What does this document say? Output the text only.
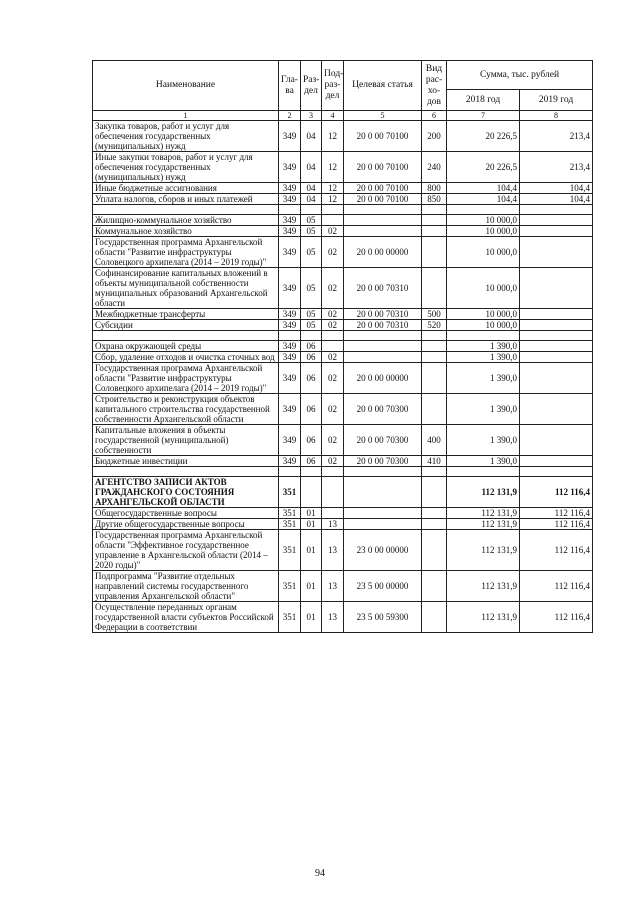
Наименование	Гла-ва	Раз-дел	Под-раз-дел	Целевая статья	Вид рас-хо-дов	Сумма, тыс. рублей	
						2018 год	2019 год
1	2	3	4	5	6	7	8
Закупка товаров, работ и услуг для обеспечения государственных (муниципальных) нужд	349	04	12	20 0 00 70100	200	20 226,5	213,4
Иные закупки товаров, работ и услуг для обеспечения государственных (муниципальных) нужд	349	04	12	20 0 00 70100	240	20 226,5	213,4
Иные бюджетные ассигнования	349	04	12	20 0 00 70100	800	104,4	104,4
Уплата налогов, сборов и иных платежей	349	04	12	20 0 00 70100	850	104,4	104,4

Жилищно-коммунальное хозяйство	349	05				10 000,0	
Коммунальное хозяйство	349	05	02			10 000,0	
Государственная программа Архангельской области "Развитие инфраструктуры Соловецкого архипелага (2014 – 2019 годы)"	349	05	02	20 0 00 00000		10 000,0	
Софинансирование капитальных вложений в объекты муниципальной собственности муниципальных образований Архангельской области	349	05	02	20 0 00 70310		10 000,0	
Межбюджетные трансферты	349	05	02	20 0 00 70310	500	10 000,0	
Субсидии	349	05	02	20 0 00 70310	520	10 000,0	

Охрана окружающей среды	349	06				1 390,0	
Сбор, удаление отходов и очистка сточных вод	349	06	02			1 390,0	
Государственная программа Архангельской области "Развитие инфраструктуры Соловецкого архипелага (2014 – 2019 годы)"	349	06	02	20 0 00 00000		1 390,0	
Строительство и реконструкция объектов капитального строительства государственной собственности Архангельской области	349	06	02	20 0 00 70300		1 390,0	
Капитальные вложения в объекты государственной (муниципальной) собственности	349	06	02	20 0 00 70300	400	1 390,0	
Бюджетные инвестиции	349	06	02	20 0 00 70300	410	1 390,0	

АГЕНТСТВО ЗАПИСИ АКТОВ ГРАЖДАНСКОГО СОСТОЯНИЯ АРХАНГЕЛЬСКОЙ ОБЛАСТИ	351					112 131,9	112 116,4
Общегосударственные вопросы	351	01				112 131,9	112 116,4
Другие общегосударственные вопросы	351	01	13			112 131,9	112 116,4
Государственная программа Архангельской области "Эффективное государственное управление в Архангельской области (2014 – 2020 годы)"	351	01	13	23 0 00 00000		112 131,9	112 116,4
Подпрограмма "Развитие отдельных направлений системы государственного управления Архангельской области"	351	01	13	23 5 00 00000		112 131,9	112 116,4
Осуществление переданных органам государственной власти субъектов Российской Федерации в соответствии	351	01	13	23 5 00 59300		112 131,9	112 116,4
94
